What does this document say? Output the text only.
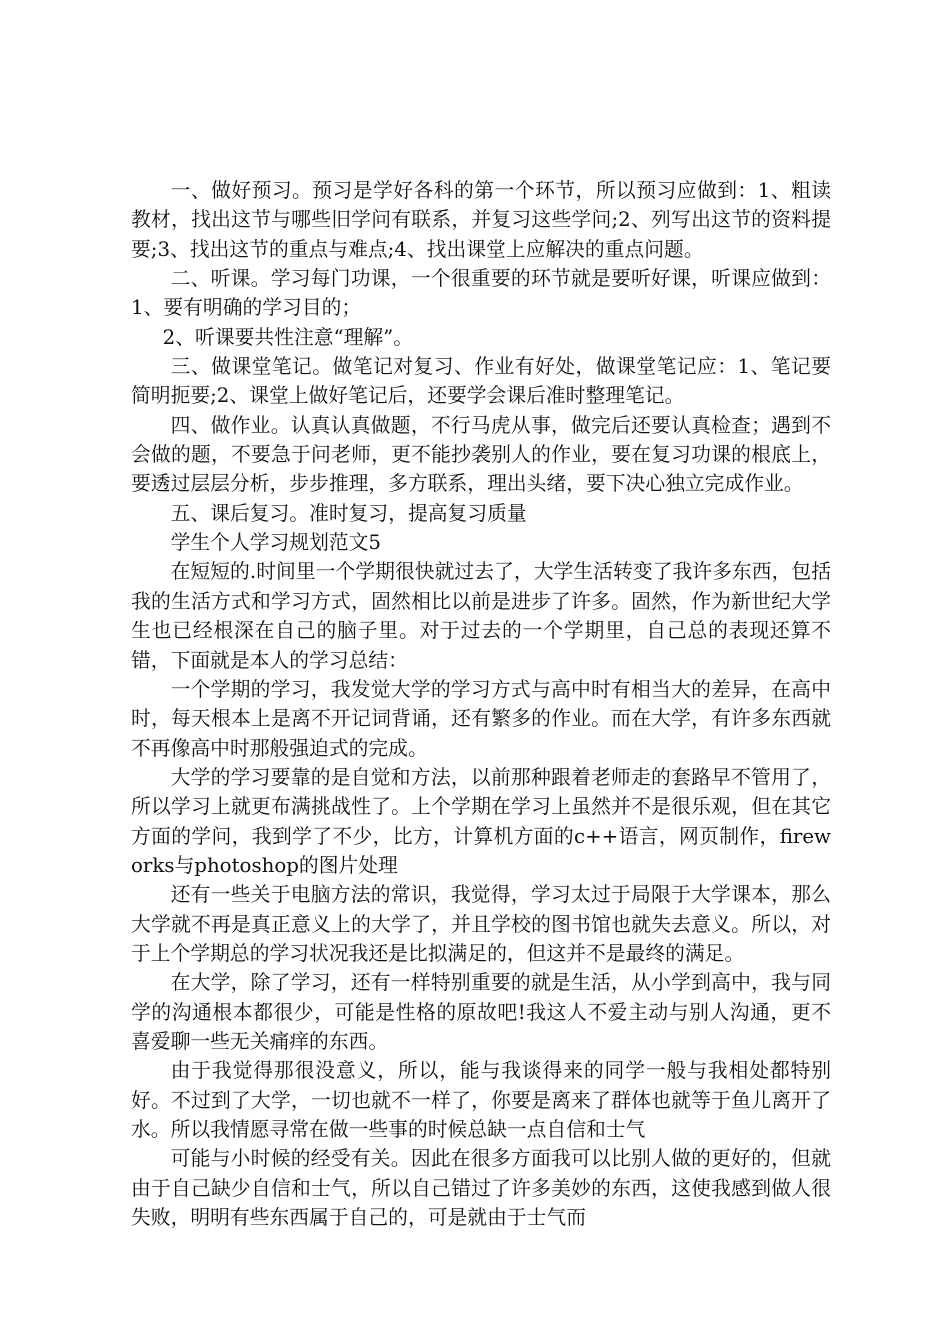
一、做好预习。预习是学好各科的第一个环节，所以预习应做到：1、粗读教材，找出这节与哪些旧学问有联系，并复习这些学问;2、列写出这节的资料提要;3、找出这节的重点与难点;4、找出课堂上应解决的重点问题。

二、听课。学习每门功课，一个很重要的环节就是要听好课，听课应做到：1、要有明确的学习目的；

2、听课要共性注意“理解”。

三、做课堂笔记。做笔记对复习、作业有好处，做课堂笔记应：1、笔记要简明扼要;2、课堂上做好笔记后，还要学会课后准时整理笔记。

四、做作业。认真认真做题，不行马虎从事，做完后还要认真检查；遇到不会做的题，不要急于问老师，更不能抄袭别人的作业，要在复习功课的根底上，要透过层层分析，步步推理，多方联系，理出头绪，要下决心独立完成作业。

五、课后复习。准时复习，提高复习质量

学生个人学习规划范文5

在短短的.时间里一个学期很快就过去了，大学生活转变了我许多东西，包括我的生活方式和学习方式，固然相比以前是进步了许多。固然，作为新世纪大学生也已经根深在自己的脑子里。对于过去的一个学期里，自己总的表现还算不错，下面就是本人的学习总结：

一个学期的学习，我发觉大学的学习方式与高中时有相当大的差异，在高中时，每天根本上是离不开记词背诵，还有繁多的作业。而在大学，有许多东西就不再像高中时那般强迫式的完成。

大学的学习要靠的是自觉和方法，以前那种跟着老师走的套路早不管用了，所以学习上就更布满挑战性了。上个学期在学习上虽然并不是很乐观，但在其它方面的学问，我到学了不少，比方，计算机方面的c++语言，网页制作，fireworks与photoshop的图片处理

还有一些关于电脑方法的常识，我觉得，学习太过于局限于大学课本，那么大学就不再是真正意义上的大学了，并且学校的图书馆也就失去意义。所以，对于上个学期总的学习状况我还是比拟满足的，但这并不是最终的满足。

在大学，除了学习，还有一样特别重要的就是生活，从小学到高中，我与同学的沟通根本都很少，可能是性格的原故吧!我这人不爱主动与别人沟通，更不喜爱聊一些无关痛痒的东西。

由于我觉得那很没意义，所以，能与我谈得来的同学一般与我相处都特别好。不过到了大学，一切也就不一样了，你要是离来了群体也就等于鱼儿离开了水。所以我情愿寻常在做一些事的时候总缺一点自信和士气

可能与小时候的经受有关。因此在很多方面我可以比别人做的更好的，但就由于自己缺少自信和士气，所以自己错过了许多美妙的东西，这使我感到做人很失败，明明有些东西属于自己的，可是就由于士气而
